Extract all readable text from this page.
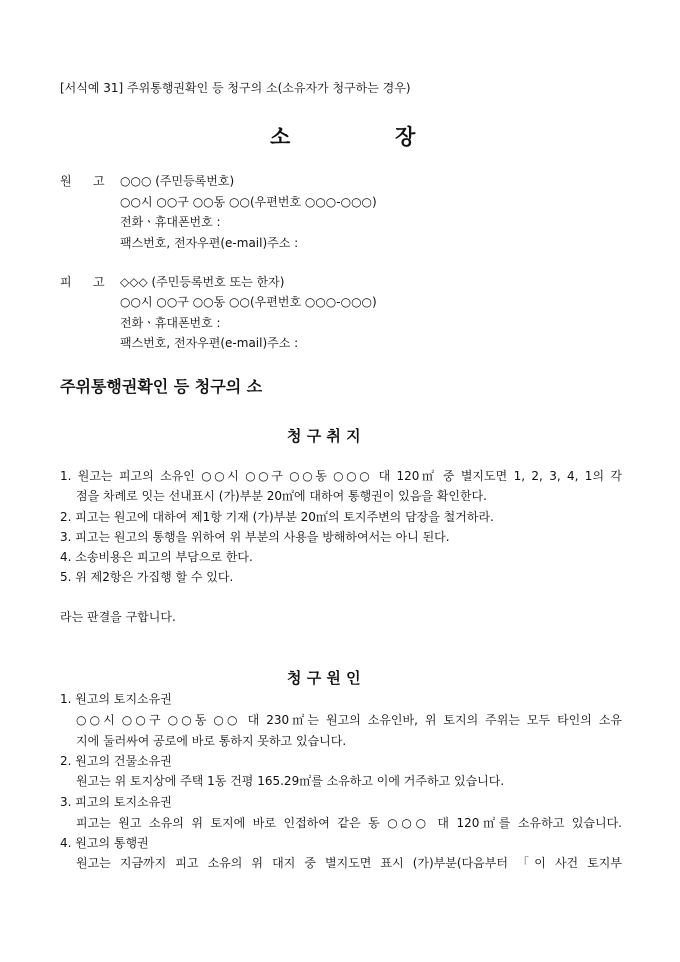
[서식예 31] 주위통행권확인 등 청구의 소(소유자가 청구하는 경우)
소	장
원 고 ○○○ (주민등록번호)
○○시 ○○구 ○○동 ○○(우편번호 ○○○-○○○)
전화ㆍ휴대폰번호 :
팩스번호, 전자우편(e-mail)주소 :
피 고 ◇◇◇ (주민등록번호 또는 한자)
○○시 ○○구 ○○동 ○○(우편번호 ○○○-○○○)
전화ㆍ휴대폰번호 :
팩스번호, 전자우편(e-mail)주소 :
주위통행권확인 등 청구의 소
청 구 취 지
1. 원고는 피고의 소유인 ○○시 ○○구 ○○동 ○○○ 대 120㎡ 중 별지도면 1, 2, 3, 4, 1의 각
점을 차례로 잇는 선내표시 (가)부분 20㎡에 대하여 통행권이 있음을 확인한다.
2. 피고는 원고에 대하여 제1항 기재 (가)부분 20㎡의 토지주변의 담장을 철거하라.
3. 피고는 원고의 통행을 위하여 위 부분의 사용을 방해하여서는 아니 된다.
4. 소송비용은 피고의 부담으로 한다.
5. 위 제2항은 가집행 할 수 있다.
라는 판결을 구합니다.
청 구 원 인
1. 원고의 토지소유권
○○시 ○○구 ○○동 ○○ 대 230㎡는 원고의 소유인바, 위 토지의 주위는 모두 타인의 소유
지에 둘러싸여 공로에 바로 통하지 못하고 있습니다.
2. 원고의 건물소유권
원고는 위 토지상에 주택 1동 건평 165.29㎡를 소유하고 이에 거주하고 있습니다.
3. 피고의 토지소유권
피고는 원고 소유의 위 토지에 바로 인접하여 같은 동 ○○○ 대 120㎡를 소유하고 있습니다.
4. 원고의 통행권
원고는 지금까지 피고 소유의 위 대지 중 별지도면 표시 (가)부분(다음부터 「이 사건 토지부
